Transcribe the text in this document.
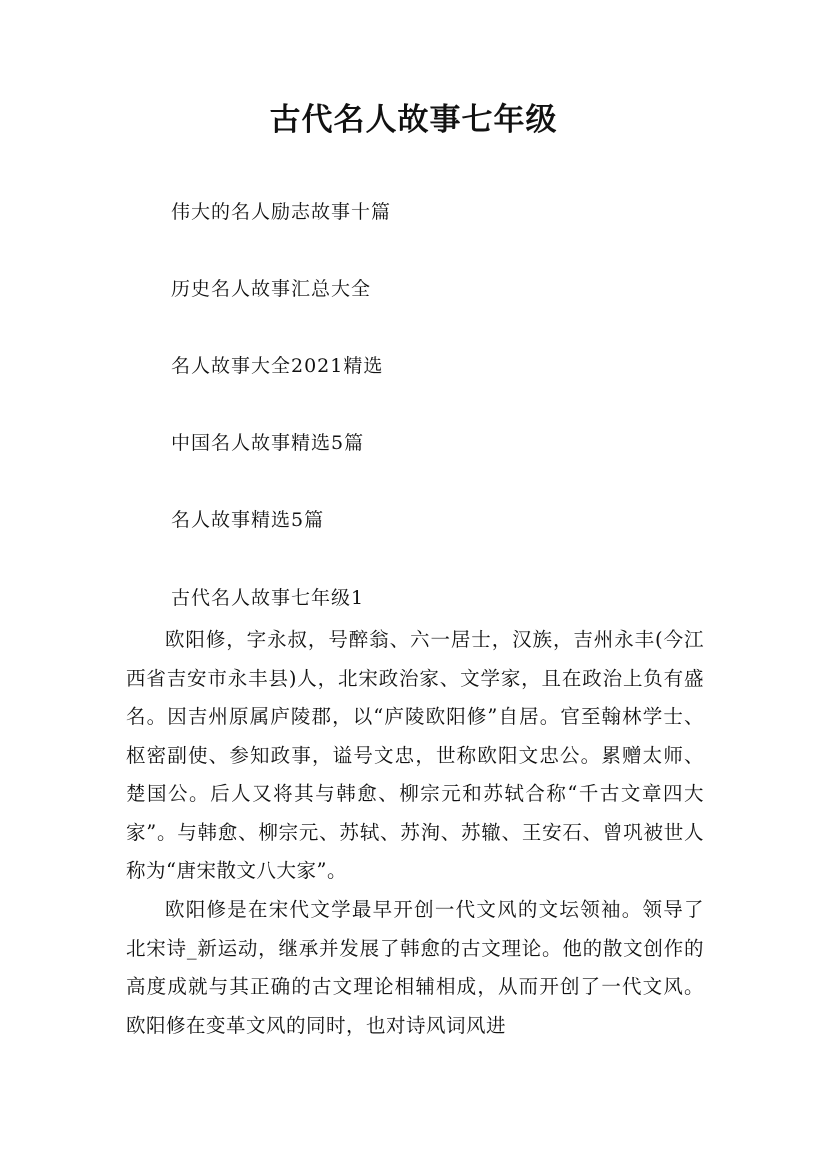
古代名人故事七年级
伟大的名人励志故事十篇
历史名人故事汇总大全
名人故事大全2021精选
中国名人故事精选5篇
名人故事精选5篇
古代名人故事七年级1

欧阳修，字永叔，号醉翁、六一居士，汉族，吉州永丰(今江西省吉安市永丰县)人，北宋政治家、文学家，且在政治上负有盛名。因吉州原属庐陵郡，以“庐陵欧阳修”自居。官至翰林学士、枢密副使、参知政事，谥号文忠，世称欧阳文忠公。累赠太师、楚国公。后人又将其与韩愈、柳宗元和苏轼合称“千古文章四大家”。与韩愈、柳宗元、苏轼、苏洵、苏辙、王安石、曾巩被世人称为“唐宋散文八大家”。

欧阳修是在宋代文学最早开创一代文风的文坛领袖。领导了北宋诗_新运动，继承并发展了韩愈的古文理论。他的散文创作的高度成就与其正确的古文理论相辅相成，从而开创了一代文风。欧阳修在变革文风的同时，也对诗风词风进
